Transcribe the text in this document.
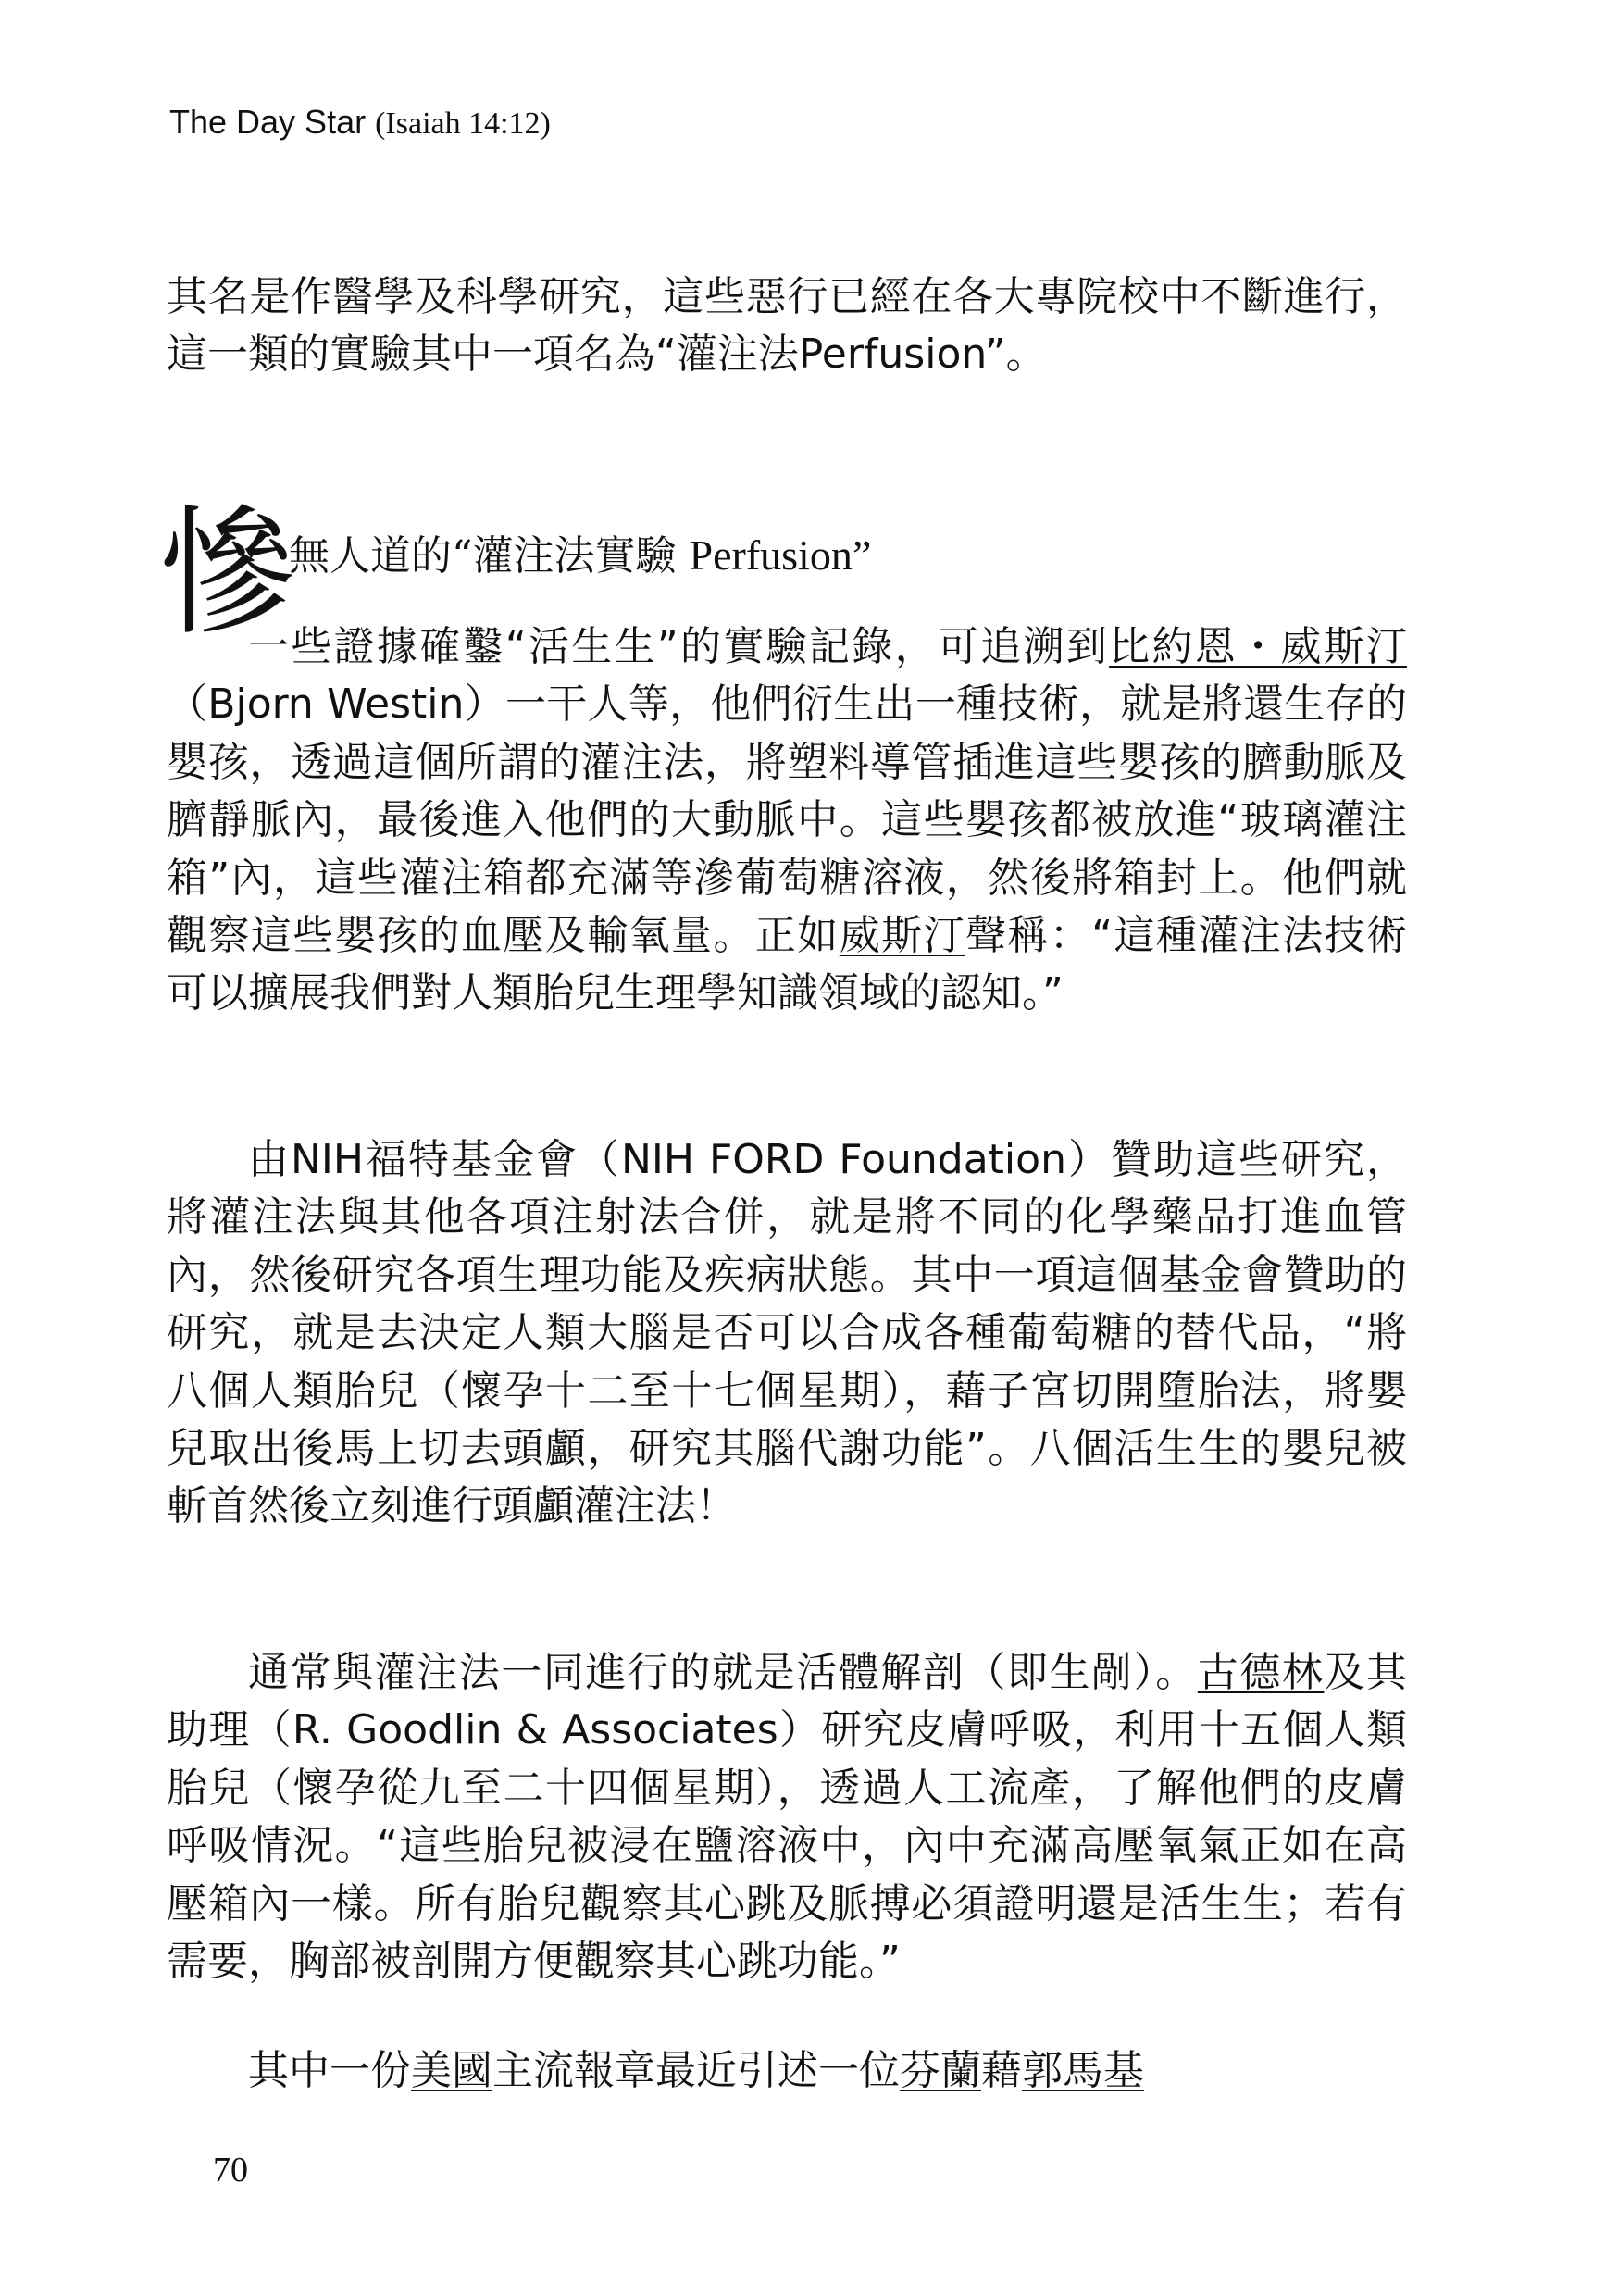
The Day Star (Isaiah 14:12)
其名是作醫學及科學研究，這些惡行已經在各大專院校中不斷進行，這一類的實驗其中一項名為“灌注法Perfusion”。
慘
無人道的“灌注法實驗 Perfusion”
一些證據確鑿“活生生”的實驗記錄，可追溯到比約恩・威斯汀（Bjorn Westin）一干人等，他們衍生出一種技術，就是將還生存的嬰孩，透過這個所謂的灌注法，將塑料導管插進這些嬰孩的臍動脈及臍靜脈內，最後進入他們的大動脈中。這些嬰孩都被放進“玻璃灌注箱”內，這些灌注箱都充滿等滲葡萄糖溶液，然後將箱封上。他們就觀察這些嬰孩的血壓及輸氧量。正如威斯汀聲稱：“這種灌注法技術可以擴展我們對人類胎兒生理學知識領域的認知。”
由NIH福特基金會（NIH FORD Foundation）贊助這些研究，將灌注法與其他各項注射法合併，就是將不同的化學藥品打進血管內，然後研究各項生理功能及疾病狀態。其中一項這個基金會贊助的研究，就是去決定人類大腦是否可以合成各種葡萄糖的替代品，“將八個人類胎兒（懷孕十二至十七個星期），藉子宮切開墮胎法，將嬰兒取出後馬上切去頭顱，研究其腦代謝功能”。八個活生生的嬰兒被斬首然後立刻進行頭顱灌注法！
通常與灌注法一同進行的就是活體解剖（即生剮）。古德林及其助理（R. Goodlin & Associates）研究皮膚呼吸，利用十五個人類胎兒（懷孕從九至二十四個星期），透過人工流產，了解他們的皮膚呼吸情況。“這些胎兒被浸在鹽溶液中，內中充滿高壓氧氣正如在高壓箱內一樣。所有胎兒觀察其心跳及脈搏必須證明還是活生生；若有需要，胸部被剖開方便觀察其心跳功能。”
其中一份美國主流報章最近引述一位芬蘭藉郭馬基
70
